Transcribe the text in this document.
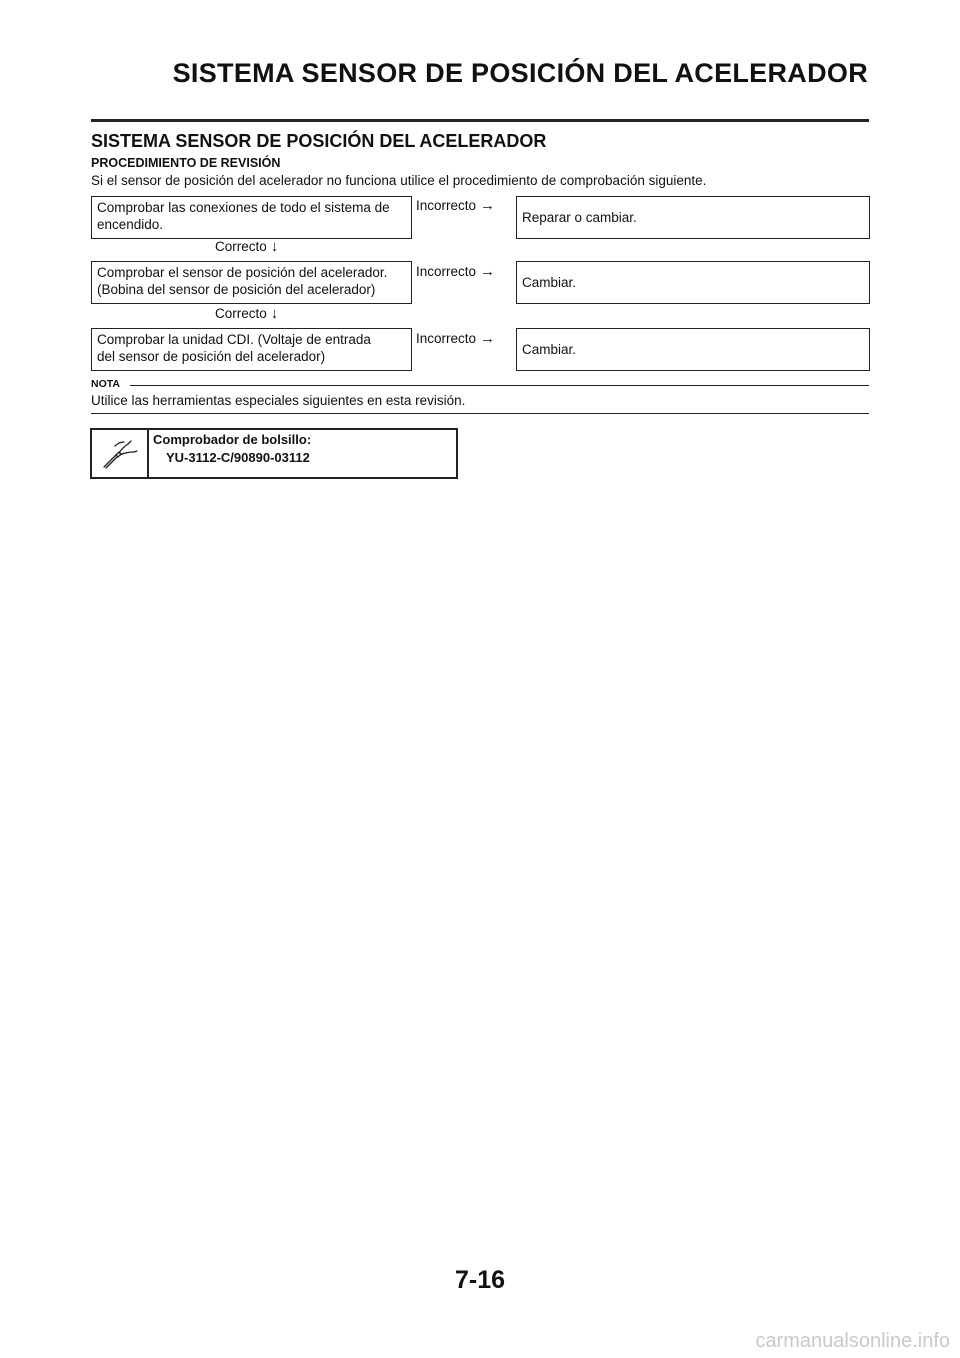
SISTEMA SENSOR DE POSICIÓN DEL ACELERADOR
SISTEMA SENSOR DE POSICIÓN DEL ACELERADOR
PROCEDIMIENTO DE REVISIÓN
Si el sensor de posición del acelerador no funciona utilice el procedimiento de comprobación siguiente.
Comprobar las conexiones de todo el sistema de
encendido.
Incorrecto →
Reparar o cambiar.
Correcto ↓
Comprobar el sensor de posición del acelerador.
(Bobina del sensor de posición del acelerador)
Incorrecto →
Cambiar.
Correcto ↓
Comprobar la unidad CDI. (Voltaje de entrada
del sensor de posición del acelerador)
Incorrecto →
Cambiar.
NOTA
Utilice las herramientas especiales siguientes en esta revisión.
Comprobador de bolsillo:
YU-3112-C/90890-03112
7-16
carmanualsonline.info
